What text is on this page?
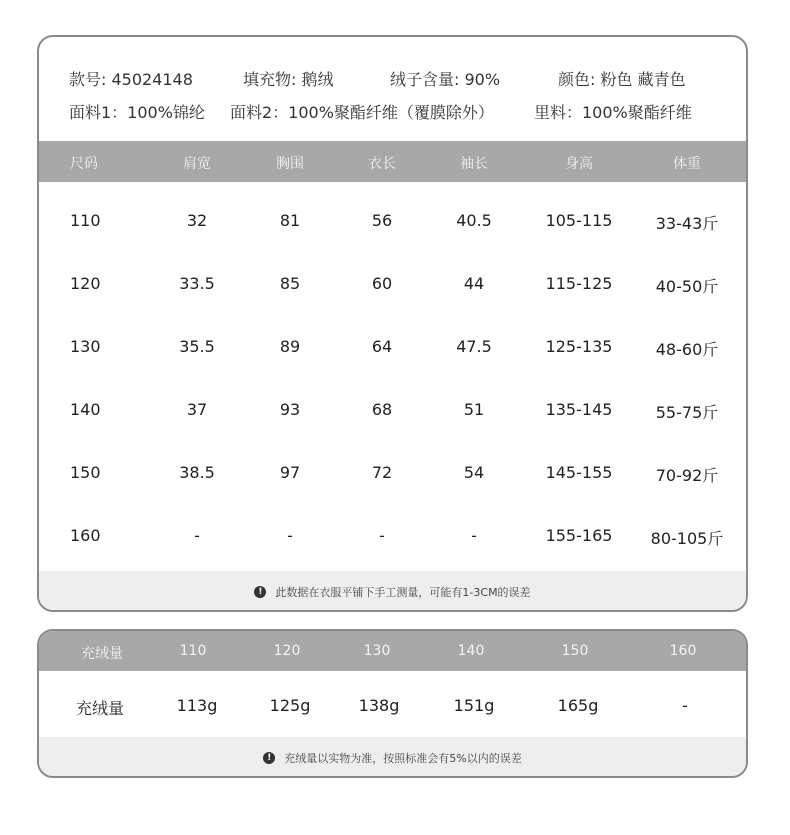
款号: 45024148	填充物: 鹅绒	绒子含量: 90%	颜色: 粉色 藏青色
面料1：100%锦纶 面料2：100%聚酯纤维（覆膜除外）	里料：100%聚酯纤维
尺码	肩宽	胸围	衣长	袖长	身高	体重
110	32	81	56	40.5	105-115	33-43斤
120	33.5	85	60	44	115-125	40-50斤
130	35.5	89	64	47.5	125-135	48-60斤
140	37	93	68	51	135-145	55-75斤
150	38.5	97	72	54	145-155	70-92斤
160	-	-	-	-	155-165 80-105斤
!	此数据在衣服平铺下手工测量，可能有1-3CM的误差
充绒量	110	120	130	140	150	160
充绒量	113g	125g	138g	151g	165g	-
!	充绒量以实物为准，按照标准会有5%以内的误差
